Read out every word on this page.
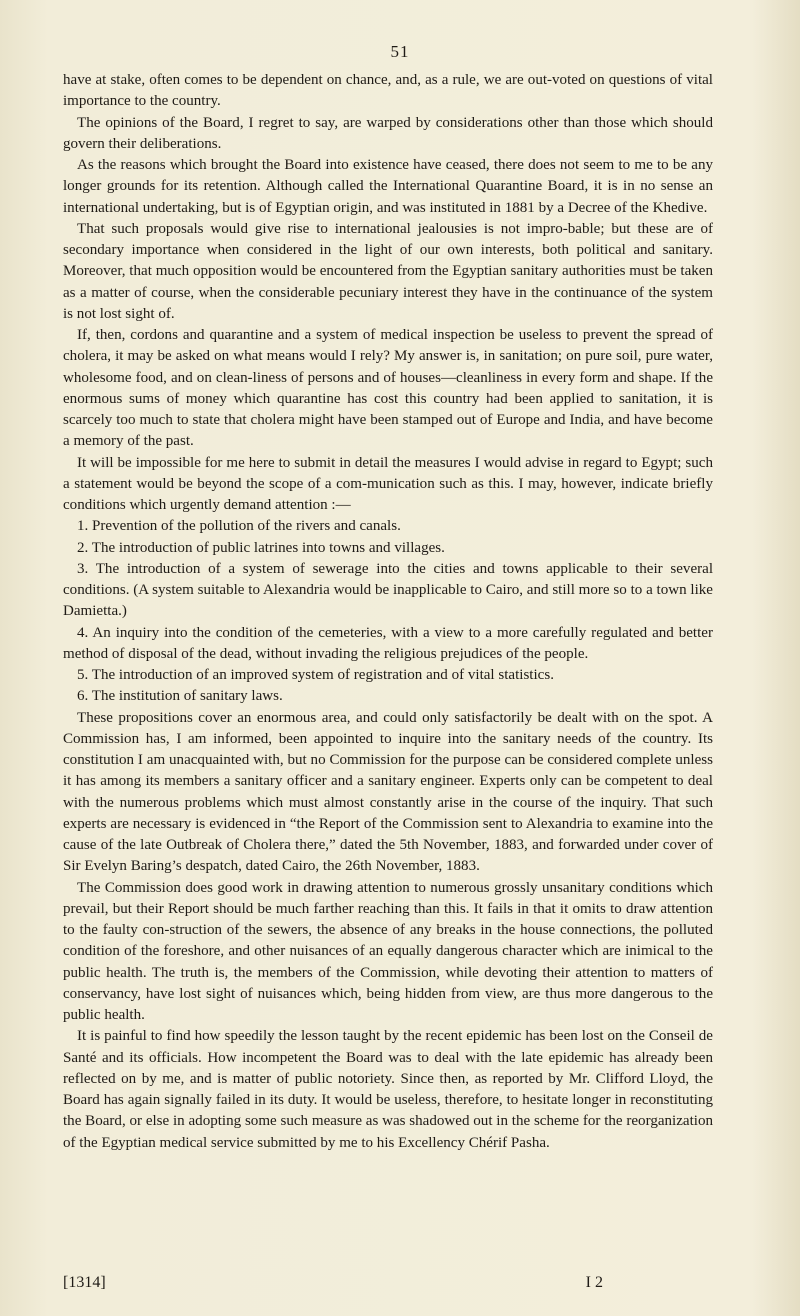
51

have at stake, often comes to be dependent on chance, and, as a rule, we are out-voted on questions of vital importance to the country.

The opinions of the Board, I regret to say, are warped by considerations other than those which should govern their deliberations.

As the reasons which brought the Board into existence have ceased, there does not seem to me to be any longer grounds for its retention. Although called the International Quarantine Board, it is in no sense an international undertaking, but is of Egyptian origin, and was instituted in 1881 by a Decree of the Khedive.

That such proposals would give rise to international jealousies is not impro-bable; but these are of secondary importance when considered in the light of our own interests, both political and sanitary. Moreover, that much opposition would be encountered from the Egyptian sanitary authorities must be taken as a matter of course, when the considerable pecuniary interest they have in the continuance of the system is not lost sight of.

If, then, cordons and quarantine and a system of medical inspection be useless to prevent the spread of cholera, it may be asked on what means would I rely? My answer is, in sanitation; on pure soil, pure water, wholesome food, and on clean-liness of persons and of houses—cleanliness in every form and shape. If the enormous sums of money which quarantine has cost this country had been applied to sanitation, it is scarcely too much to state that cholera might have been stamped out of Europe and India, and have become a memory of the past.

It will be impossible for me here to submit in detail the measures I would advise in regard to Egypt; such a statement would be beyond the scope of a com-munication such as this. I may, however, indicate briefly conditions which urgently demand attention :—

1. Prevention of the pollution of the rivers and canals.

2. The introduction of public latrines into towns and villages.

3. The introduction of a system of sewerage into the cities and towns applicable to their several conditions. (A system suitable to Alexandria would be inapplicable to Cairo, and still more so to a town like Damietta.)

4. An inquiry into the condition of the cemeteries, with a view to a more carefully regulated and better method of disposal of the dead, without invading the religious prejudices of the people.

5. The introduction of an improved system of registration and of vital statistics.

6. The institution of sanitary laws.

These propositions cover an enormous area, and could only satisfactorily be dealt with on the spot. A Commission has, I am informed, been appointed to inquire into the sanitary needs of the country. Its constitution I am unacquainted with, but no Commission for the purpose can be considered complete unless it has among its members a sanitary officer and a sanitary engineer. Experts only can be competent to deal with the numerous problems which must almost constantly arise in the course of the inquiry. That such experts are necessary is evidenced in “the Report of the Commission sent to Alexandria to examine into the cause of the late Outbreak of Cholera there,” dated the 5th November, 1883, and forwarded under cover of Sir Evelyn Baring’s despatch, dated Cairo, the 26th November, 1883.

The Commission does good work in drawing attention to numerous grossly unsanitary conditions which prevail, but their Report should be much farther reaching than this. It fails in that it omits to draw attention to the faulty con-struction of the sewers, the absence of any breaks in the house connections, the polluted condition of the foreshore, and other nuisances of an equally dangerous character which are inimical to the public health. The truth is, the members of the Commission, while devoting their attention to matters of conservancy, have lost sight of nuisances which, being hidden from view, are thus more dangerous to the public health.

It is painful to find how speedily the lesson taught by the recent epidemic has been lost on the Conseil de Santé and its officials. How incompetent the Board was to deal with the late epidemic has already been reflected on by me, and is matter of public notoriety. Since then, as reported by Mr. Clifford Lloyd, the Board has again signally failed in its duty. It would be useless, therefore, to hesitate longer in reconstituting the Board, or else in adopting some such measure as was shadowed out in the scheme for the reorganization of the Egyptian medical service submitted by me to his Excellency Chérif Pasha.

[1314]	I 2
